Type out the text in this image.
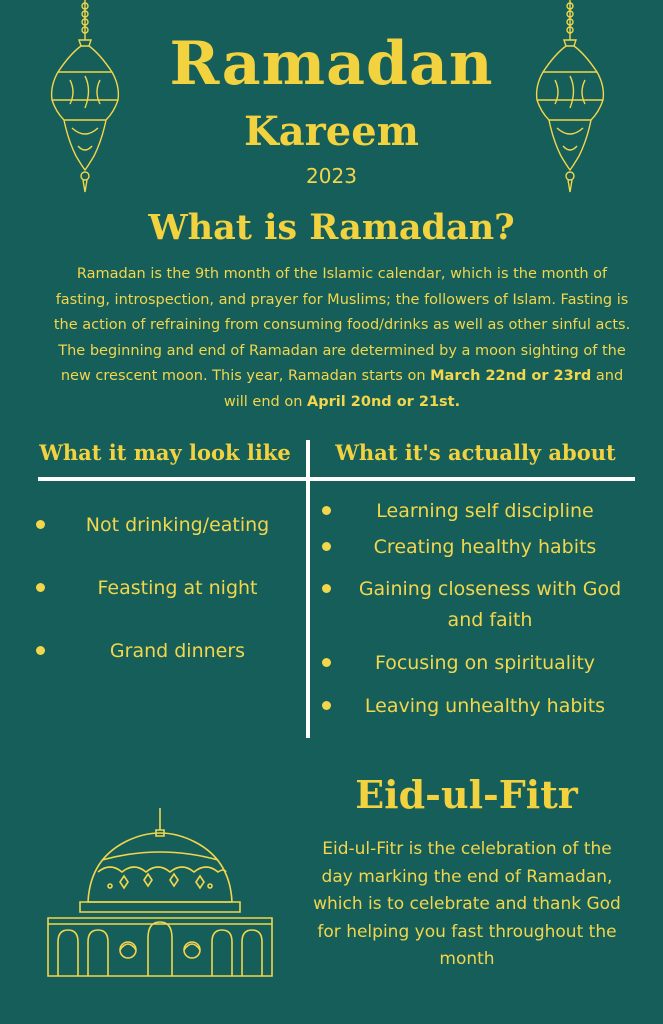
Ramadan
Kareem
2023
What is Ramadan?
Ramadan is the 9th month of the Islamic calendar, which is the month of fasting, introspection, and prayer for Muslims; the followers of Islam. Fasting is the action of refraining from consuming food/drinks as well as other sinful acts. The beginning and end of Ramadan are determined by a moon sighting of the new crescent moon. This year, Ramadan starts on March 22nd or 23rd and will end on April 20nd or 21st.
What it may look like	What it's actually about
Not drinking/eating
Feasting at night
Grand dinners
Learning self discipline
Creating healthy habits
Gaining closeness with God and faith
Focusing on spirituality
Leaving unhealthy habits
Eid-ul-Fitr
Eid-ul-Fitr is the celebration of the day marking the end of Ramadan, which is to celebrate and thank God for helping you fast throughout the month
